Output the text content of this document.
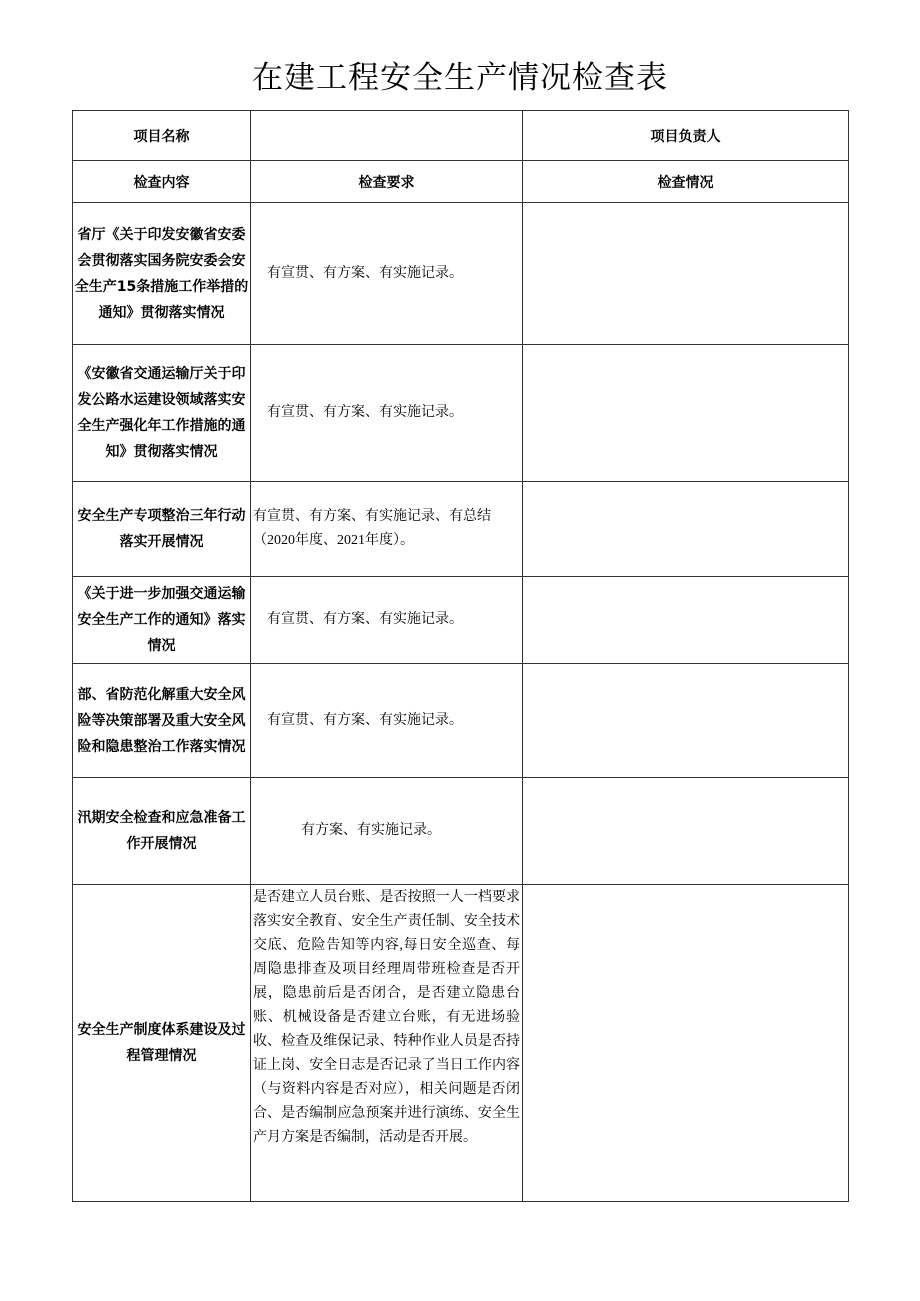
在建工程安全生产情况检查表
项目名称		项目负责人
检查内容	检查要求	检查情况
省厅《关于印发安徽省安委会贯彻落实国务院安委会安全生产15条措施工作举措的通知》贯彻落实情况	有宣贯、有方案、有实施记录。	
《安徽省交通运输厅关于印发公路水运建设领域落实安全生产强化年工作措施的通知》贯彻落实情况	有宣贯、有方案、有实施记录。	
安全生产专项整治三年行动落实开展情况	有宣贯、有方案、有实施记录、有总结（2020年度、2021年度）。	
《关于进一步加强交通运输安全生产工作的通知》落实情况	有宣贯、有方案、有实施记录。	
部、省防范化解重大安全风险等决策部署及重大安全风险和隐患整治工作落实情况	有宣贯、有方案、有实施记录。	
汛期安全检查和应急准备工作开展情况	有方案、有实施记录。	
安全生产制度体系建设及过程管理情况	是否建立人员台账、是否按照一人一档要求落实安全教育、安全生产责任制、安全技术交底、危险告知等内容,每日安全巡查、每周隐患排查及项目经理周带班检查是否开展，隐患前后是否闭合，是否建立隐患台账、机械设备是否建立台账，有无进场验收、检查及维保记录、特种作业人员是否持证上岗、安全日志是否记录了当日工作内容（与资料内容是否对应），相关问题是否闭合、是否编制应急预案并进行演练、安全生产月方案是否编制，活动是否开展。	
